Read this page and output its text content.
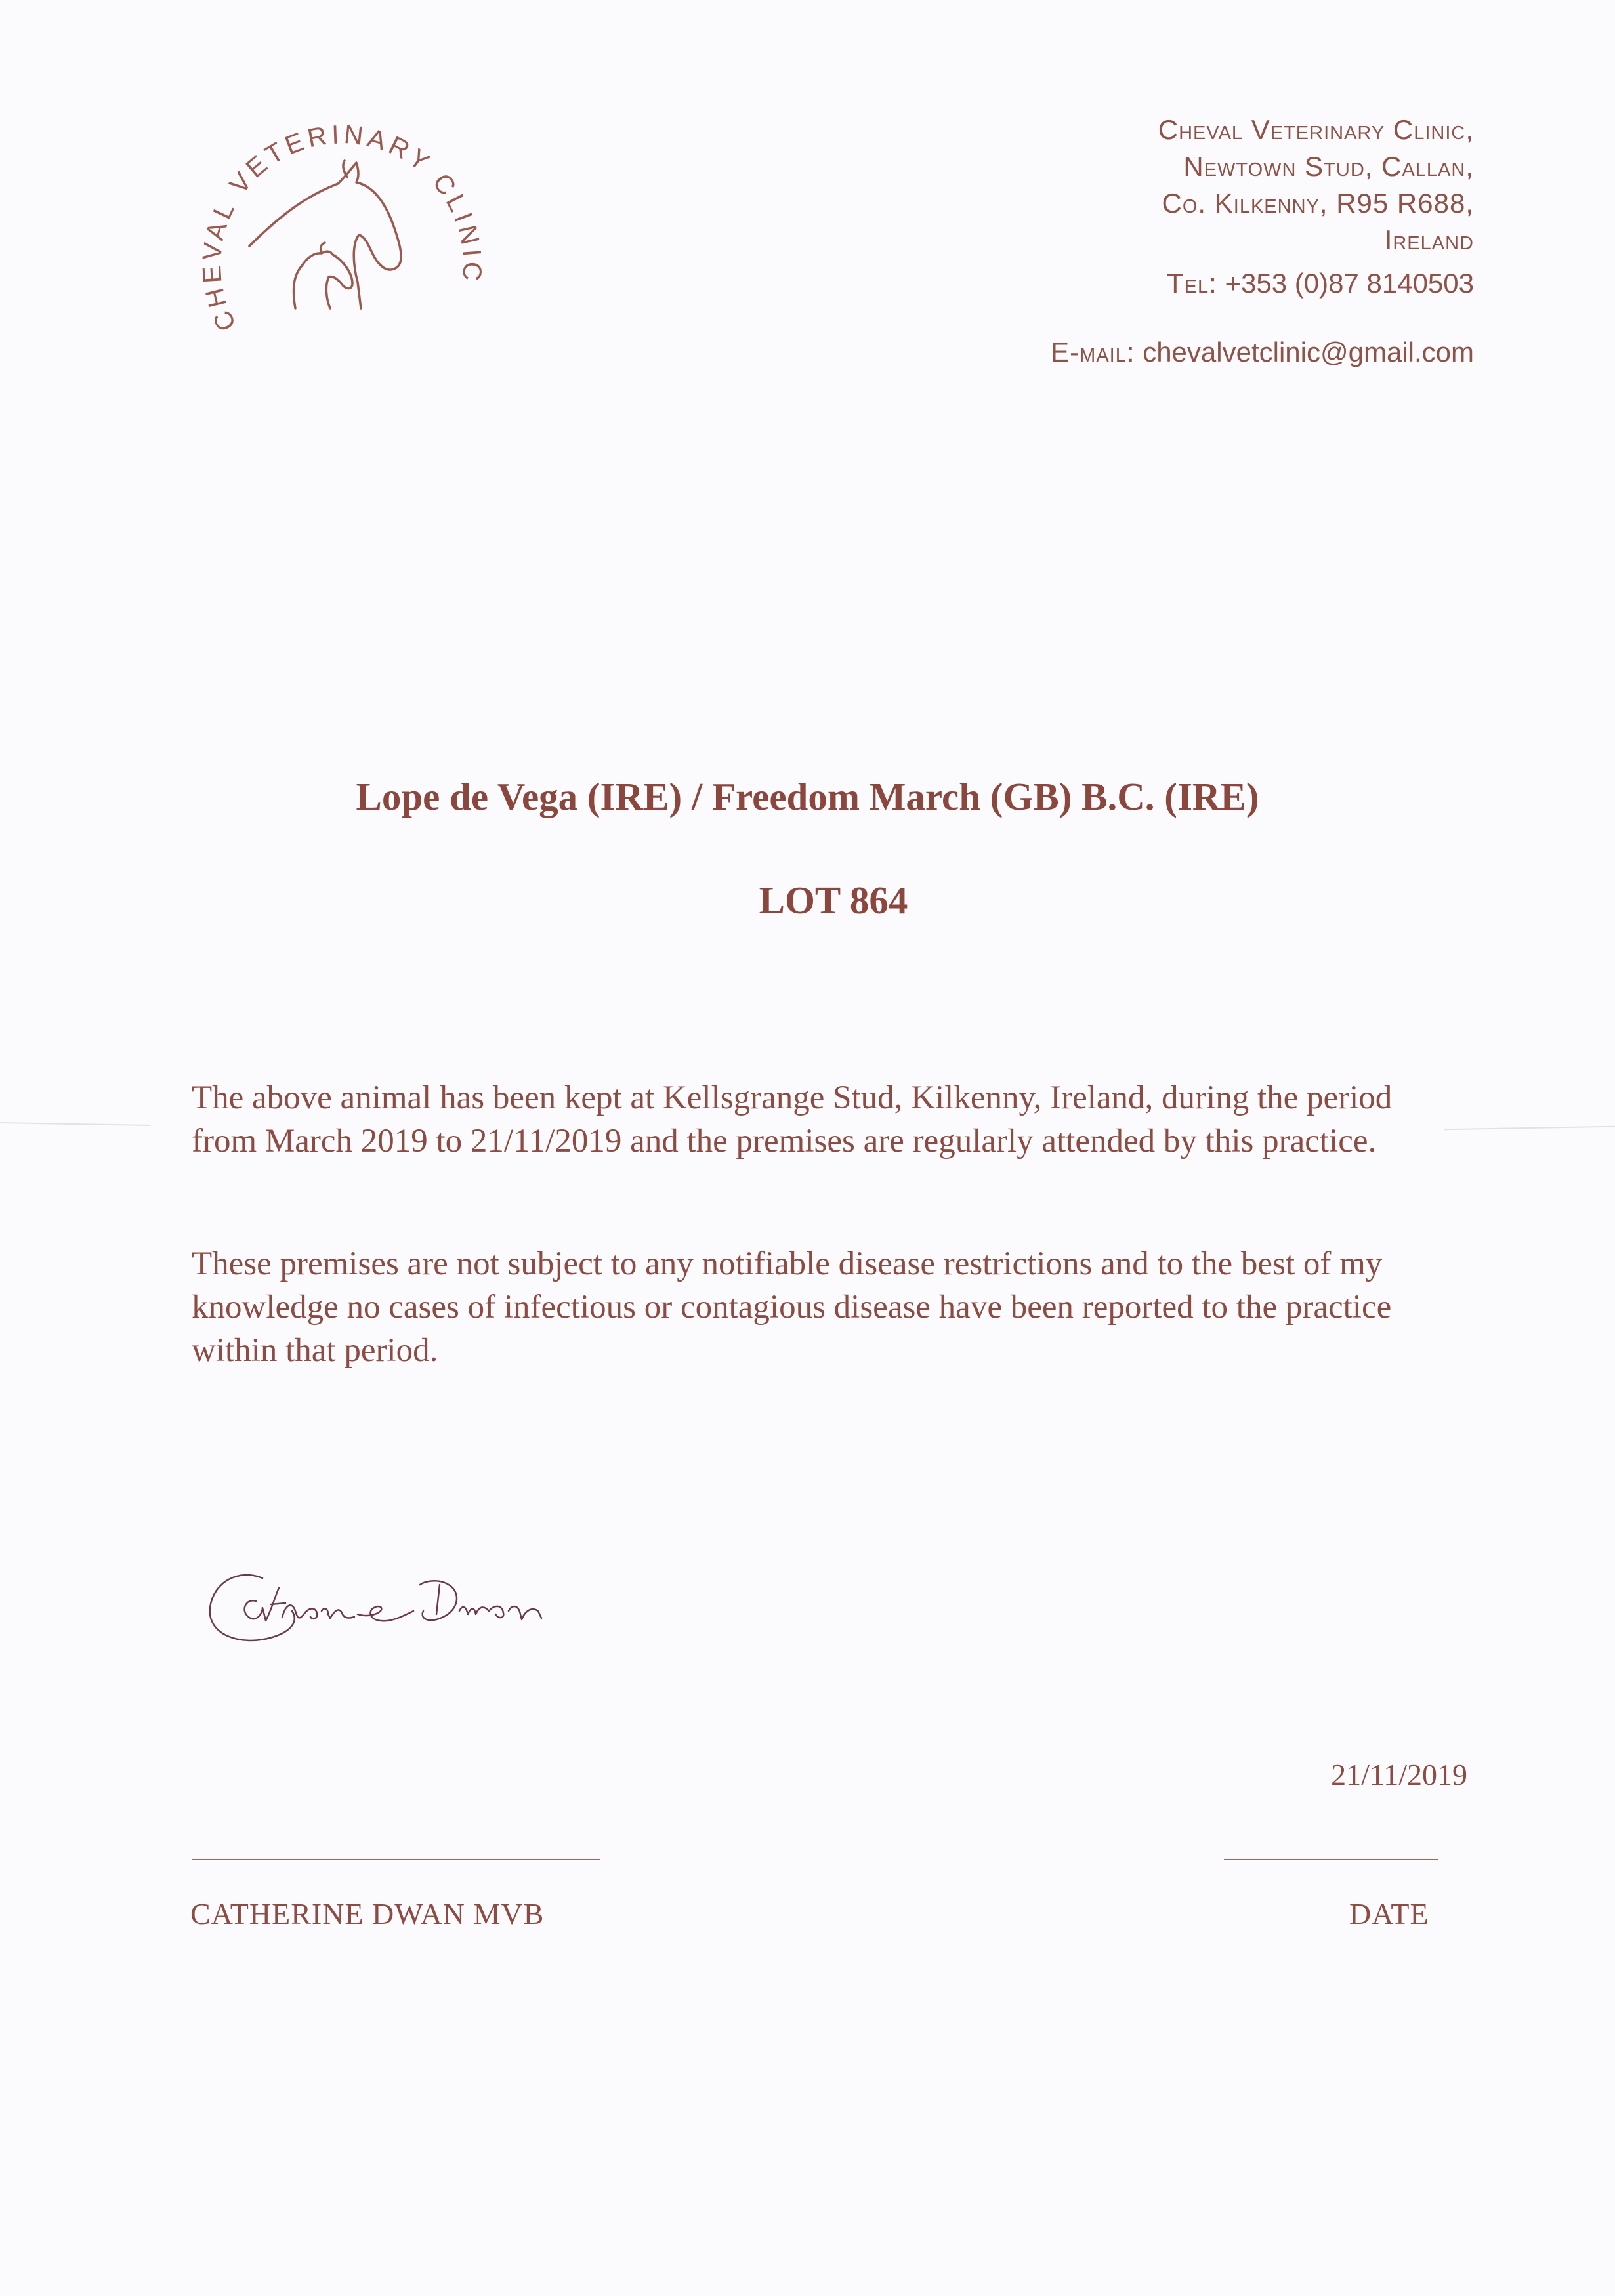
CHEVAL VETERINARY CLINIC
Cheval Veterinary Clinic,
Newtown Stud, Callan,
Co. Kilkenny, R95 R688,
Ireland
Tel: +353 (0)87 8140503
E-mail: chevalvetclinic@gmail.com
Lope de Vega (IRE) / Freedom March (GB) B.C. (IRE)
LOT 864
The above animal has been kept at Kellsgrange Stud, Kilkenny, Ireland, during the period from March 2019 to 21/11/2019 and the premises are regularly attended by this practice.
These premises are not subject to any notifiable disease restrictions and to the best of my knowledge no cases of infectious or contagious disease have been reported to the practice within that period.
21/11/2019
CATHERINE DWAN MVB	DATE
